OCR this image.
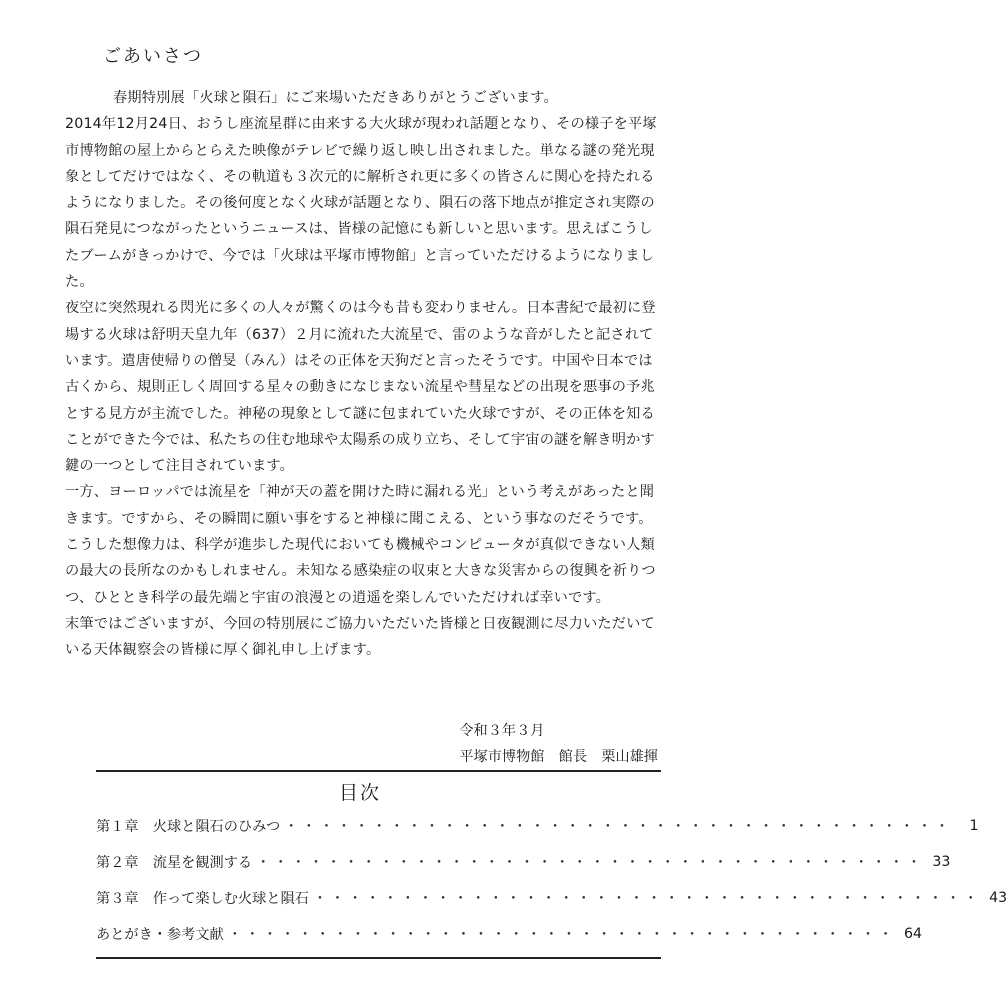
ごあいさつ

春期特別展「火球と隕石」にご来場いただきありがとうございます。

2014年12月24日、おうし座流星群に由来する大火球が現われ話題となり、その様子を平塚市博物館の屋上からとらえた映像がテレビで繰り返し映し出されました。単なる謎の発光現象としてだけではなく、その軌道も３次元的に解析され更に多くの皆さんに関心を持たれるようになりました。その後何度となく火球が話題となり、隕石の落下地点が推定され実際の隕石発見につながったというニュースは、皆様の記憶にも新しいと思います。思えばこうしたブームがきっかけで、今では「火球は平塚市博物館」と言っていただけるようになりました。

夜空に突然現れる閃光に多くの人々が驚くのは今も昔も変わりません。日本書紀で最初に登場する火球は舒明天皇九年（637）２月に流れた大流星で、雷のような音がしたと記されています。遣唐使帰りの僧旻（みん）はその正体を天狗だと言ったそうです。中国や日本では古くから、規則正しく周回する星々の動きになじまない流星や彗星などの出現を悪事の予兆とする見方が主流でした。神秘の現象として謎に包まれていた火球ですが、その正体を知ることができた今では、私たちの住む地球や太陽系の成り立ち、そして宇宙の謎を解き明かす鍵の一つとして注目されています。

一方、ヨーロッパでは流星を「神が天の蓋を開けた時に漏れる光」という考えがあったと聞きます。ですから、その瞬間に願い事をすると神様に聞こえる、という事なのだそうです。こうした想像力は、科学が進歩した現代においても機械やコンピュータが真似できない人類の最大の長所なのかもしれません。未知なる感染症の収束と大きな災害からの復興を祈りつつ、ひととき科学の最先端と宇宙の浪漫との逍遥を楽しんでいただければ幸いです。

末筆ではございますが、今回の特別展にご協力いただいた皆様と日夜観測に尽力いただいている天体観察会の皆様に厚く御礼申し上げます。

令和３年３月
平塚市博物館　館長　栗山雄揮
目次
第１章　 火球と隕石のひみつ ・・・・・・・・・・・・・・・・・・・・・・・・・・・・・・・・・・・・・・	1
第２章　 流星を観測する ・・・・・・・・・・・・・・・・・・・・・・・・・・・・・・・・・・・・・・ 33
第３章　 作って楽しむ火球と隕石 ・・・・・・・・・・・・・・・・・・・・・・・・・・・・・・・・・・・・・・ 43
あとがき・参考文献 ・・・・・・・・・・・・・・・・・・・・・・・・・・・・・・・・・・・・・・ 64
